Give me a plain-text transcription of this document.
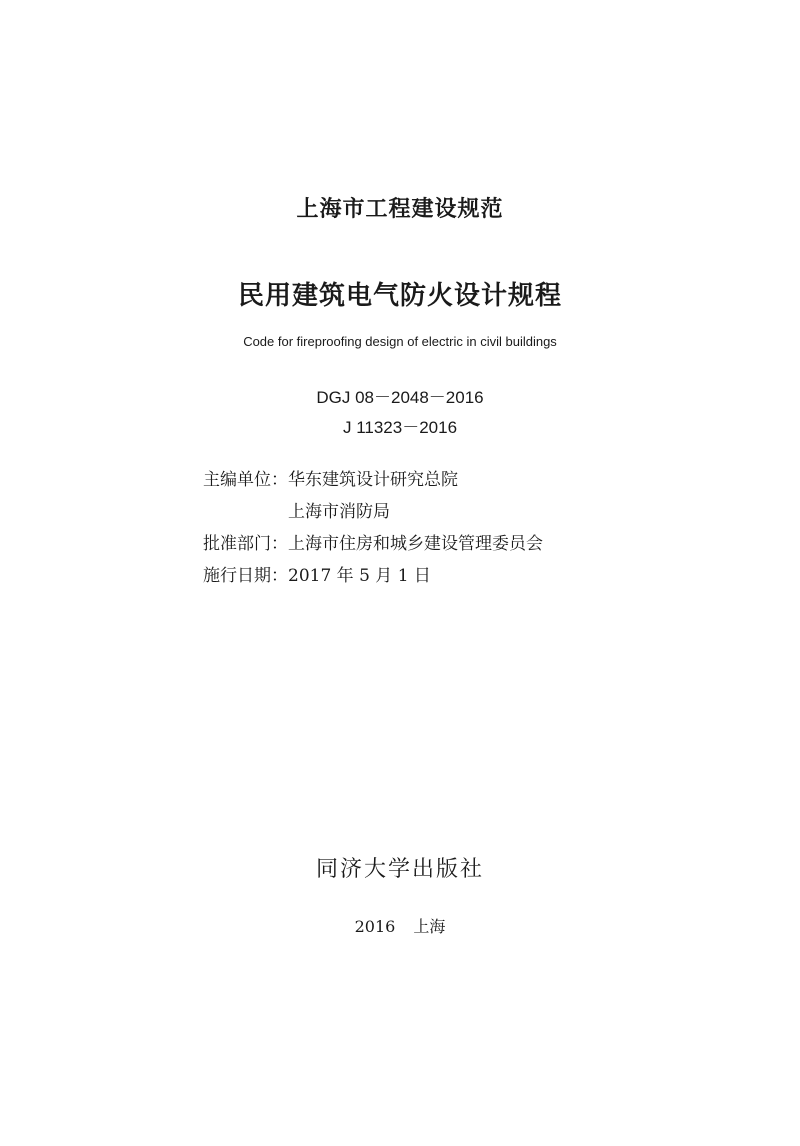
上海市工程建设规范
民用建筑电气防火设计规程
Code for fireproofing design of electric in civil buildings
DGJ 08－2048－2016
J 11323－2016
主编单位： 华东建筑设计研究总院
上海市消防局
批准部门： 上海市住房和城乡建设管理委员会
施行日期： 2017 年 5 月 1 日
同济大学出版社
2016 上海
